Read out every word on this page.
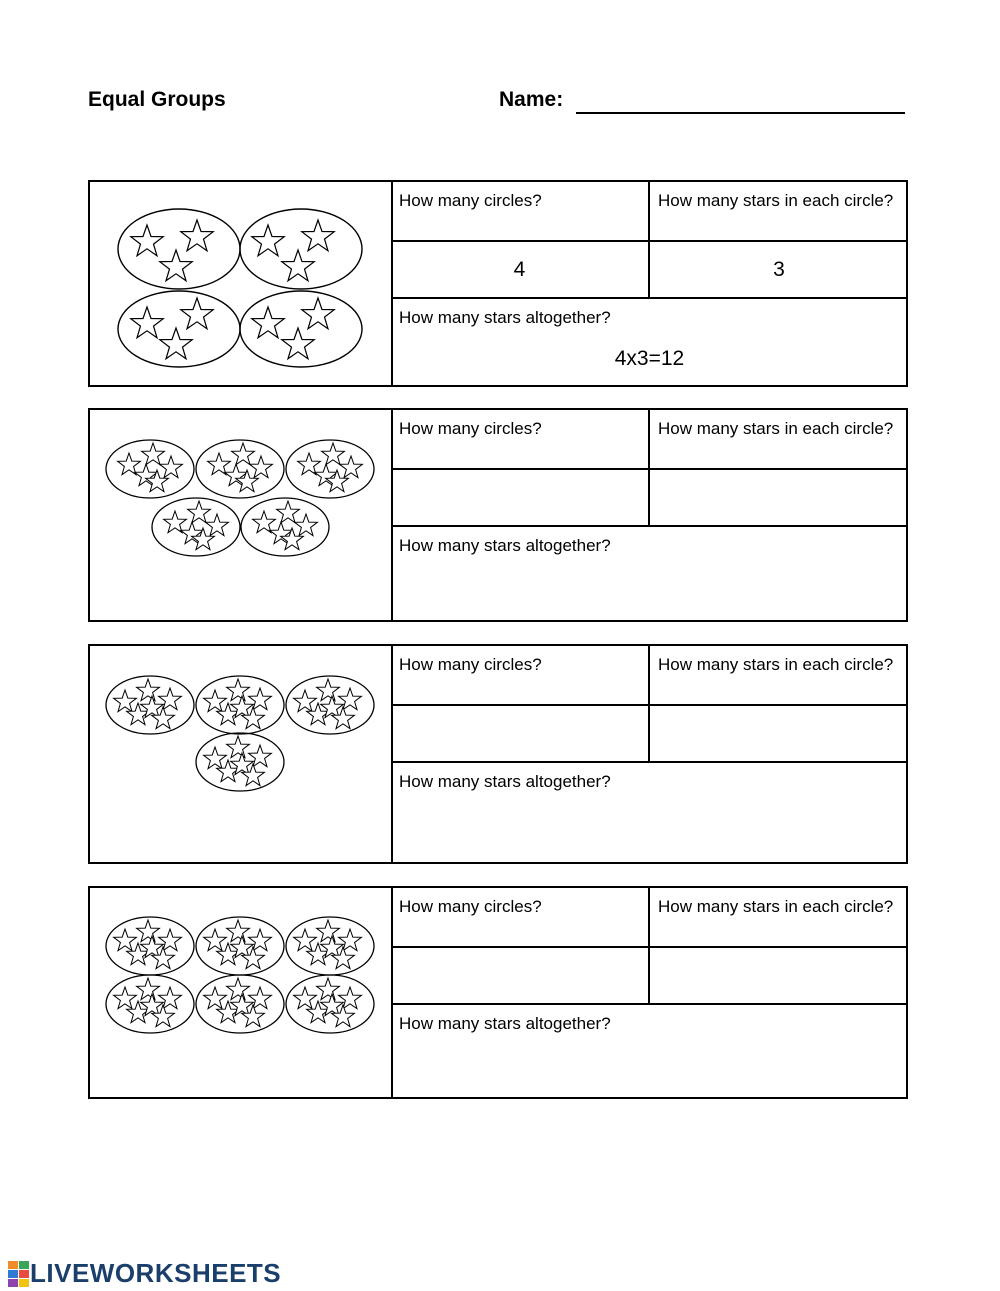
Equal Groups	Name:
How many circles?	How many stars in each circle?
4	3
How many stars altogether?
4x3=12
How many circles?	How many stars in each circle?
How many stars altogether?
How many circles?	How many stars in each circle?
How many stars altogether?
How many circles?	How many stars in each circle?
How many stars altogether?
LIVEWORKSHEETS
